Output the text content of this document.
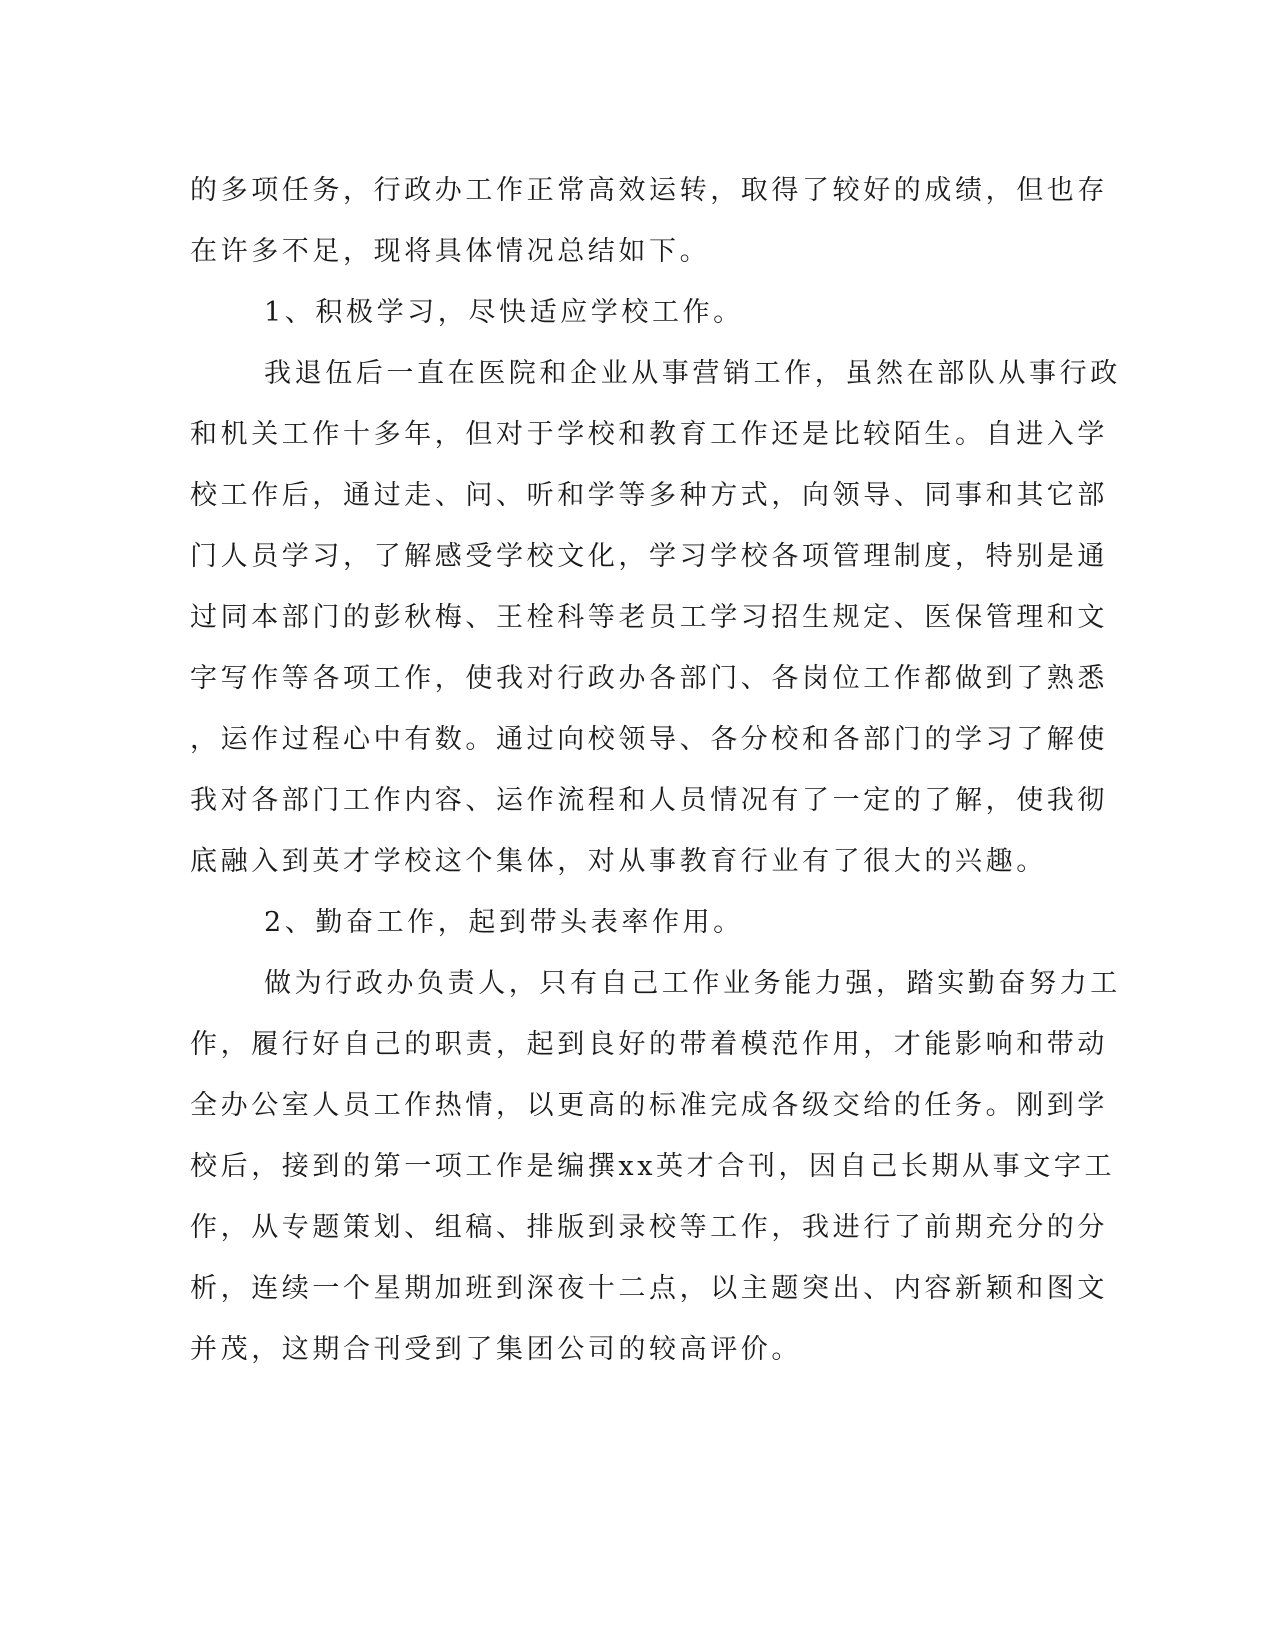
的多项任务，行政办工作正常高效运转，取得了较好的成绩，但也存
在许多不足，现将具体情况总结如下。
1、积极学习，尽快适应学校工作。
我退伍后一直在医院和企业从事营销工作，虽然在部队从事行政
和机关工作十多年，但对于学校和教育工作还是比较陌生。自进入学
校工作后，通过走、问、听和学等多种方式，向领导、同事和其它部
门人员学习，了解感受学校文化，学习学校各项管理制度，特别是通
过同本部门的彭秋梅、王栓科等老员工学习招生规定、医保管理和文
字写作等各项工作，使我对行政办各部门、各岗位工作都做到了熟悉
，运作过程心中有数。通过向校领导、各分校和各部门的学习了解使
我对各部门工作内容、运作流程和人员情况有了一定的了解，使我彻
底融入到英才学校这个集体，对从事教育行业有了很大的兴趣。
2、勤奋工作，起到带头表率作用。
做为行政办负责人，只有自己工作业务能力强，踏实勤奋努力工
作，履行好自己的职责，起到良好的带着模范作用，才能影响和带动
全办公室人员工作热情，以更高的标准完成各级交给的任务。刚到学
校后，接到的第一项工作是编撰xx英才合刊，因自己长期从事文字工
作，从专题策划、组稿、排版到录校等工作，我进行了前期充分的分
析，连续一个星期加班到深夜十二点，以主题突出、内容新颖和图文
并茂，这期合刊受到了集团公司的较高评价。
